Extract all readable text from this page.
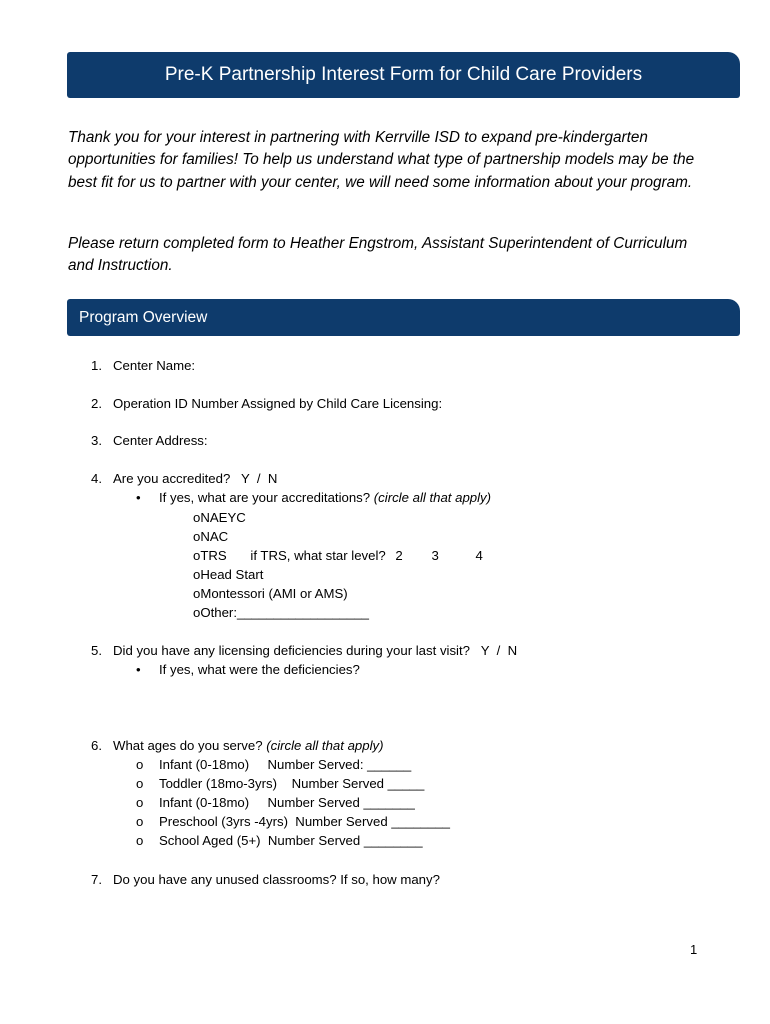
Pre-K Partnership Interest Form for Child Care Providers

Thank you for your interest in partnering with Kerrville ISD to expand pre-kindergarten opportunities for families! To help us understand what type of partnership models may be the best fit for us to partner with your center, we will need some information about your program.

Please return completed form to Heather Engstrom, Assistant Superintendent of Curriculum and Instruction.

Program Overview
1. Center Name:
2. Operation ID Number Assigned by Child Care Licensing:
3. Center Address:
4. Are you accredited?   Y  /  N
• If yes, what are your accreditations? (circle all that apply)
oNAEYC
oNAC
oTRS if TRS, what star level? 2 3	4
oHead Start
oMontessori (AMI or AMS)
oOther:__________________
5. Did you have any licensing deficiencies during your last visit?   Y  /  N
• If yes, what were the deficiencies?
6. What ages do you serve? (circle all that apply)
o Infant (0-18mo)     Number Served: ______
o Toddler (18mo-3yrs)    Number Served _____
o Infant (0-18mo)     Number Served _______
o Preschool (3yrs -4yrs)  Number Served ________
o School Aged (5+)  Number Served ________
7. Do you have any unused classrooms? If so, how many?
1
